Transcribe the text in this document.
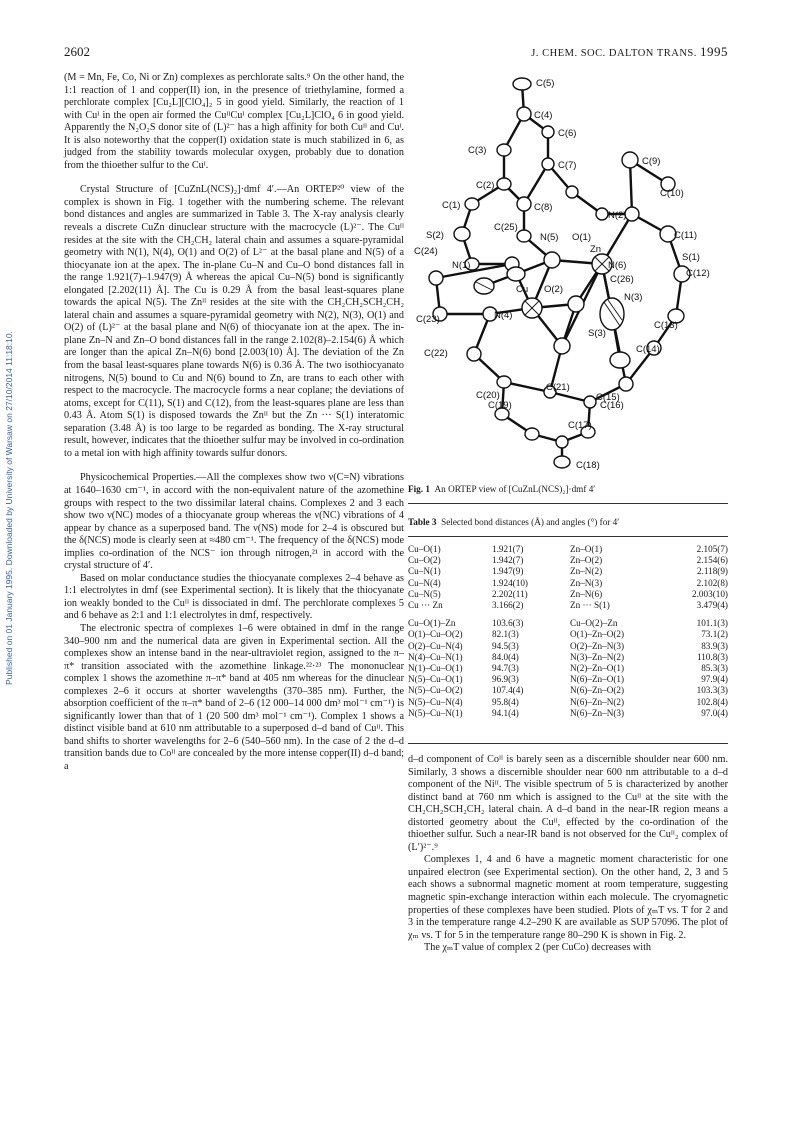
2602	J. CHEM. SOC. DALTON TRANS. 1995
Published on 01 January 1995. Downloaded by University of Warsaw on 27/10/2014 11:18:10.

(M = Mn, Fe, Co, Ni or Zn) complexes as perchlorate salts.⁹ On the other hand, the 1:1 reaction of 1 and copper(II) ion, in the presence of triethylamine, formed a perchlorate complex [Cu₂L][ClO₄]₂ 5 in good yield. Similarly, the reaction of 1 with Cuᴵ in the open air formed the CuᴵᴵCuᴵ complex [Cu₂L]ClO₄ 6 in good yield. Apparently the N₂O₂S donor site of (L)²⁻ has a high affinity for both Cuᴵᴵ and Cuᴵ. It is also noteworthy that the copper(I) oxidation state is much stabilized in 6, as judged from the stability towards molecular oxygen, probably due to donation from the thioether sulfur to the Cuᴵ.

Crystal Structure of [CuZnL(NCS)₂]·dmf 4′.—An ORTEP²⁰ view of the complex is shown in Fig. 1 together with the numbering scheme. The relevant bond distances and angles are summarized in Table 3. The X-ray analysis clearly reveals a discrete CuZn dinuclear structure with the macrocycle (L)²⁻. The Cuᴵᴵ resides at the site with the CH₂CH₂ lateral chain and assumes a square-pyramidal geometry with N(1), N(4), O(1) and O(2) of L²⁻ at the basal plane and N(5) of a thiocyanate ion at the apex. The in-plane Cu–N and Cu–O bond distances fall in the range 1.921(7)–1.947(9) Å whereas the apical Cu–N(5) bond is significantly elongated [2.202(11) Å]. The Cu is 0.29 Å from the basal least-squares plane towards the apical N(5). The Znᴵᴵ resides at the site with the CH₂CH₂SCH₂CH₂ lateral chain and assumes a square-pyramidal geometry with N(2), N(3), O(1) and O(2) of (L)²⁻ at the basal plane and N(6) of thiocyanate ion at the apex. The in-plane Zn–N and Zn–O bond distances fall in the range 2.102(8)–2.154(6) Å which are longer than the apical Zn–N(6) bond [2.003(10) Å]. The deviation of the Zn from the basal least-squares plane towards N(6) is 0.36 Å. The two isothiocyanato nitrogens, N(5) bound to Cu and N(6) bound to Zn, are trans to each other with respect to the macrocycle. The macrocycle forms a near coplane; the deviations of atoms, except for C(11), S(1) and C(12), from the least-squares plane are less than 0.43 Å. Atom S(1) is disposed towards the Znᴵᴵ but the Zn ··· S(1) interatomic separation (3.48 Å) is too large to be regarded as bonding. The X-ray structural result, however, indicates that the thioether sulfur may be involved in co-ordination to a metal ion with high affinity towards sulfur donors.

Physicochemical Properties.—All the complexes show two ν(C=N) vibrations at 1640–1630 cm⁻¹, in accord with the non-equivalent nature of the azomethine groups with respect to the two dissimilar lateral chains. Complexes 2 and 3 each show two ν(NC) modes of a thiocyanate group whereas the ν(NC) vibrations of 4 appear by chance as a superposed band. The ν(NS) mode for 2–4 is obscured but the δ(NCS) mode is clearly seen at ≈480 cm⁻¹. The frequency of the δ(NCS) mode implies co-ordination of the NCS⁻ ion through nitrogen,²¹ in accord with the crystal structure of 4′.

Based on molar conductance studies the thiocyanate complexes 2–4 behave as 1:1 electrolytes in dmf (see Experimental section). It is likely that the thiocyanate ion weakly bonded to the Cuᴵᴵ is dissociated in dmf. The perchlorate complexes 5 and 6 behave as 2:1 and 1:1 electrolytes in dmf, respectively.

The electronic spectra of complexes 1–6 were obtained in dmf in the range 340–900 nm and the numerical data are given in Experimental section. All the complexes show an intense band in the near-ultraviolet region, assigned to the π–π* transition associated with the azomethine linkage.²²·²³ The mononuclear complex 1 shows the azomethine π–π* band at 405 nm whereas for the dinuclear complexes 2–6 it occurs at shorter wavelengths (370–385 nm). Further, the absorption coefficient of the π–π* band of 2–6 (12 000–14 000 dm³ mol⁻¹ cm⁻¹) is significantly lower than that of 1 (20 500 dm³ mol⁻¹ cm⁻¹). Complex 1 shows a distinct visible band at 610 nm attributable to a superposed d–d band of Cuᴵᴵ. This band shifts to shorter wavelengths for 2–6 (540–560 nm). In the case of 2 the d–d transition bands due to Coᴵᴵ are concealed by the more intense copper(II) d–d band; a

C(5)
C(4)
C(6)
C(3)
C(7)
C(2)
C(9)
C(10)
C(1)	C(8)
N(2)
S(2)
C(25)
N(5) O(1)	C(11)
C(24)	Zn
N(1)	N(6)
S(1)
C(26)
C(12)
Cu O(2)
N(3)
C(23)	N(4)
C(13)
S(3)
C(22)	C(14)
C(21)
C(20)	C(15)
C(19)	C(16)
C(17)
C(18)
Fig. 1 An ORTEP view of [CuZnL(NCS)₂]·dmf 4′
Table 3 Selected bond distances (Å) and angles (°) for 4′
Cu–O(1)	1.921(7)	Zn–O(1)	2.105(7)
Cu–O(2)	1.942(7)	Zn–O(2)	2.154(6)
Cu–N(1)	1.947(9)	Zn–N(2)	2.118(9)
Cu–N(4)	1.924(10)	Zn–N(3)	2.102(8)
Cu–N(5)	2.202(11)	Zn–N(6)	2.003(10)
Cu ··· Zn	3.166(2)	Zn ··· S(1)	3.479(4)

Cu–O(1)–Zn	103.6(3)	Cu–O(2)–Zn	101.1(3)
O(1)–Cu–O(2)	82.1(3)	O(1)–Zn–O(2)	73.1(2)
O(2)–Cu–N(4)	94.5(3)	O(2)–Zn–N(3)	83.9(3)
N(4)–Cu–N(1)	84.0(4)	N(3)–Zn–N(2)	110.8(3)
N(1)–Cu–O(1)	94.7(3)	N(2)–Zn–O(1)	85.3(3)
N(5)–Cu–O(1)	96.9(3)	N(6)–Zn–O(1)	97.9(4)
N(5)–Cu–O(2)	107.4(4)	N(6)–Zn–O(2)	103.3(3)
N(5)–Cu–N(4)	95.8(4)	N(6)–Zn–N(2)	102.8(4)
N(5)–Cu–N(1)	94.1(4)	N(6)–Zn–N(3)	97.0(4)

d–d component of Coᴵᴵ is barely seen as a discernible shoulder near 600 nm. Similarly, 3 shows a discernible shoulder near 600 nm attributable to a d–d component of the Niᴵᴵ. The visible spectrum of 5 is characterized by another distinct band at 760 nm which is assigned to the Cuᴵᴵ at the site with the CH₂CH₂SCH₂CH₂ lateral chain. A d–d band in the near-IR region means a distorted geometry about the Cuᴵᴵ, effected by the co-ordination of the thioether sulfur. Such a near-IR band is not observed for the Cuᴵᴵ₂ complex of (L′)²⁻.⁹

Complexes 1, 4 and 6 have a magnetic moment characteristic for one unpaired electron (see Experimental section). On the other hand, 2, 3 and 5 each shows a subnormal magnetic moment at room temperature, suggesting magnetic spin-exchange interaction within each molecule. The cryomagnetic properties of these complexes have been studied. Plots of χₘT vs. T for 2 and 3 in the temperature range 4.2–290 K are available as SUP 57096. The plot of χₘ vs. T for 5 in the temperature range 80–290 K is shown in Fig. 2.

The χₘT value of complex 2 (per CuCo) decreases with
